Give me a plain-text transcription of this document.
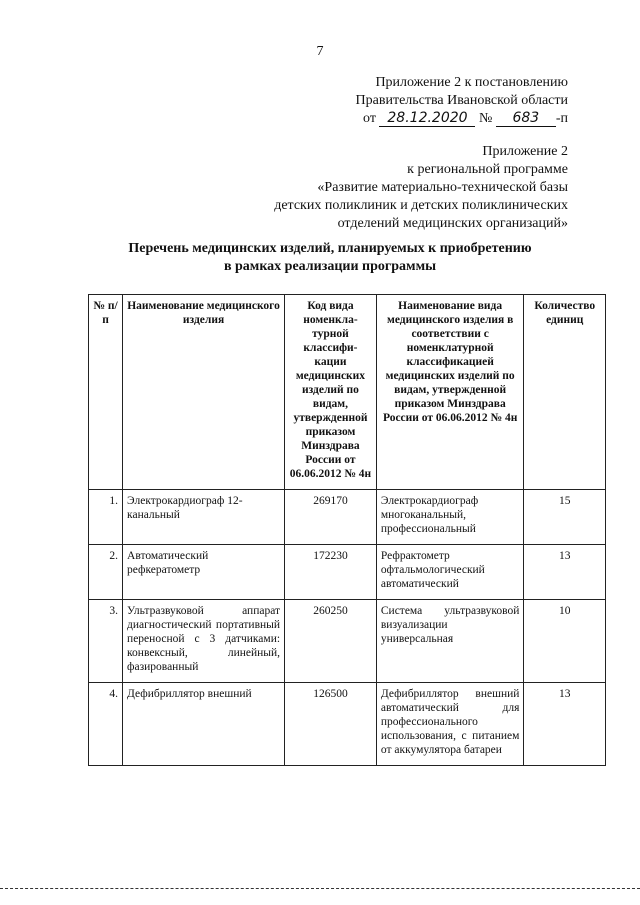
7
Приложение 2 к постановлению
Правительства Ивановской области
от 28.12.2020 № 683 -п
Приложение 2
к региональной программе
«Развитие материально-технической базы
детских поликлиник и детских поликлинических
отделений медицинских организаций»
Перечень медицинских изделий, планируемых к приобретению
в рамках реализации программы
№ п/п	Наименование медицинского изделия	Код вида номенкла-турной классифи-кации медицинских изделий по видам, утвержденной приказом Минздрава России от 06.06.2012 № 4н	Наименование вида медицинского изделия в соответствии с номенклатурной классификацией медицинских изделий по видам, утвержденной приказом Минздрава России от 06.06.2012 № 4н	Количество единиц
1.	Электрокардиограф 12-канальный	269170	Электрокардиограф многоканальный, профессиональный	15
2.	Автоматический рефкератометр	172230	Рефрактометр офтальмологический автоматический	13
3.	Ультразвуковой аппарат диагностический портативный переносной с 3 датчиками: конвексный, линейный, фазированный	260250	Система ультразвуковой визуализации универсальная	10
4.	Дефибриллятор внешний	126500	Дефибриллятор внешний автоматический для профессионального использования, с питанием от аккумулятора батареи	13
